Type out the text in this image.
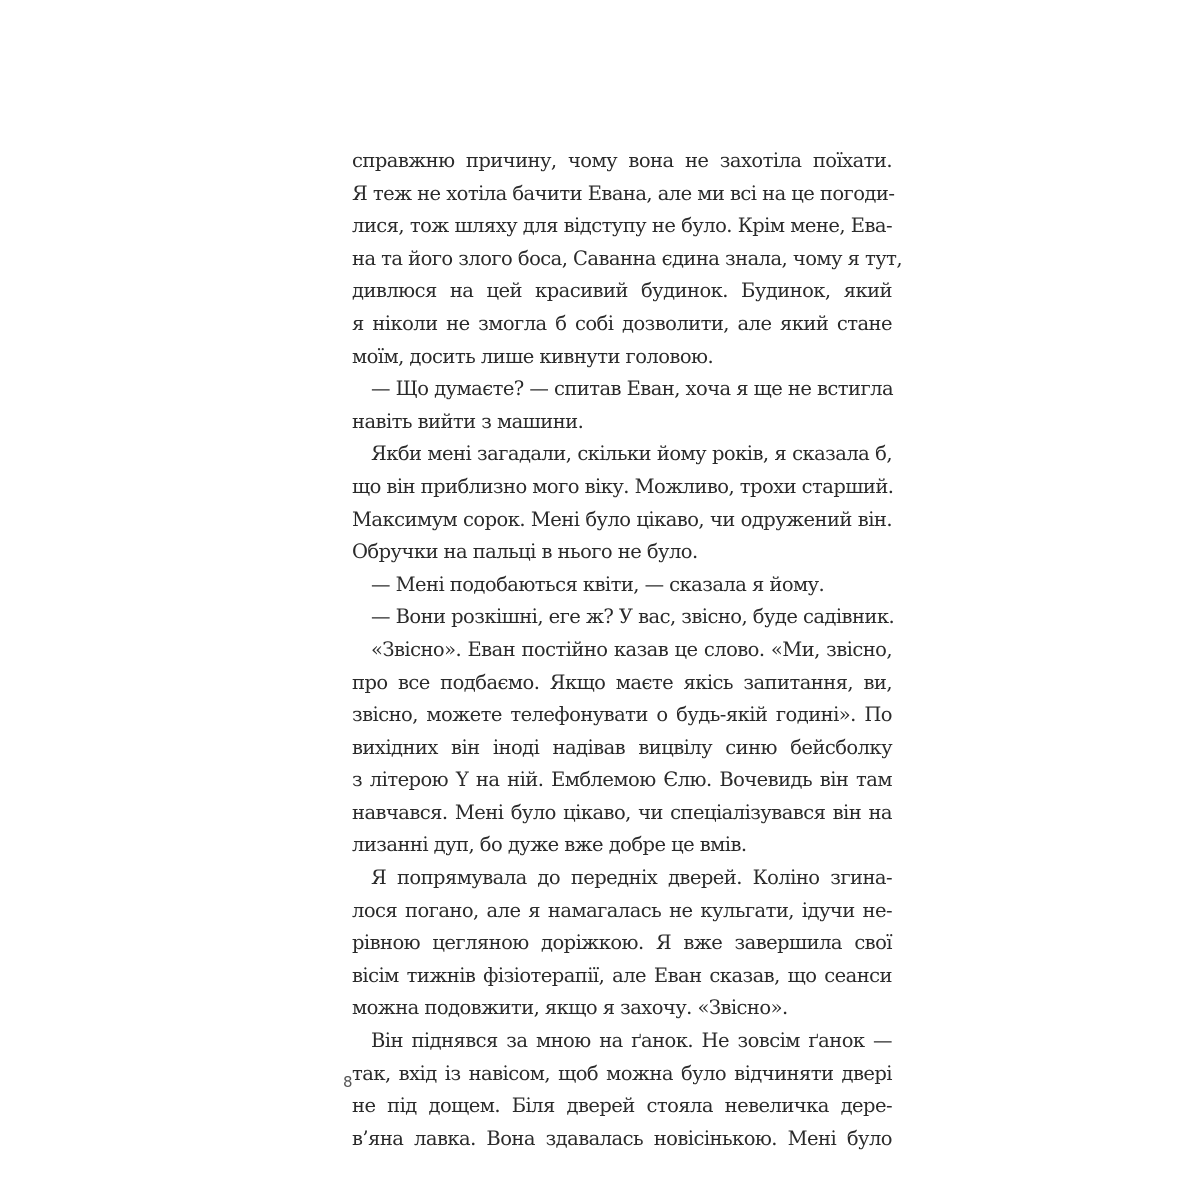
справжню причину, чому вона не захотіла поїхати.
Я теж не хотіла бачити Евана, але ми всі на це погоди-
лися, тож шляху для відступу не було. Крім мене, Ева-
на та його злого боса, Саванна єдина знала, чому я тут,
дивлюся на цей красивий будинок. Будинок, який
я ніколи не змогла б собі дозволити, але який стане
моїм, досить лише кивнути головою.
— Що думаєте? — спитав Еван, хоча я ще не встигла
навіть вийти з машини.
Якби мені загадали, скільки йому років, я сказала б,
що він приблизно мого віку. Можливо, трохи старший.
Максимум сорок. Мені було цікаво, чи одружений він.
Обручки на пальці в нього не було.
— Мені подобаються квіти, — сказала я йому.
— Вони розкішні, еге ж? У вас, звісно, буде садівник.
«Звісно». Еван постійно казав це слово. «Ми, звісно,
про все подбаємо. Якщо маєте якісь запитання, ви,
звісно, можете телефонувати о будь-якій годині». По
вихідних він іноді надівав вицвілу синю бейсболку
з літерою Y на ній. Емблемою Єлю. Вочевидь він там
навчався. Мені було цікаво, чи спеціалізувався він на
лизанні дуп, бо дуже вже добре це вмів.
Я попрямувала до передніх дверей. Коліно згина-
лося погано, але я намагалась не кульгати, ідучи не-
рівною цегляною доріжкою. Я вже завершила свої
вісім тижнів фізіотерапії, але Еван сказав, що сеанси
можна подовжити, якщо я захочу. «Звісно».
Він піднявся за мною на ґанок. Не зовсім ґанок —
так, вхід із навісом, щоб можна було відчиняти двері
не під дощем. Біля дверей стояла невеличка дере-
в’яна лавка. Вона здавалась новісінькою. Мені було
8
